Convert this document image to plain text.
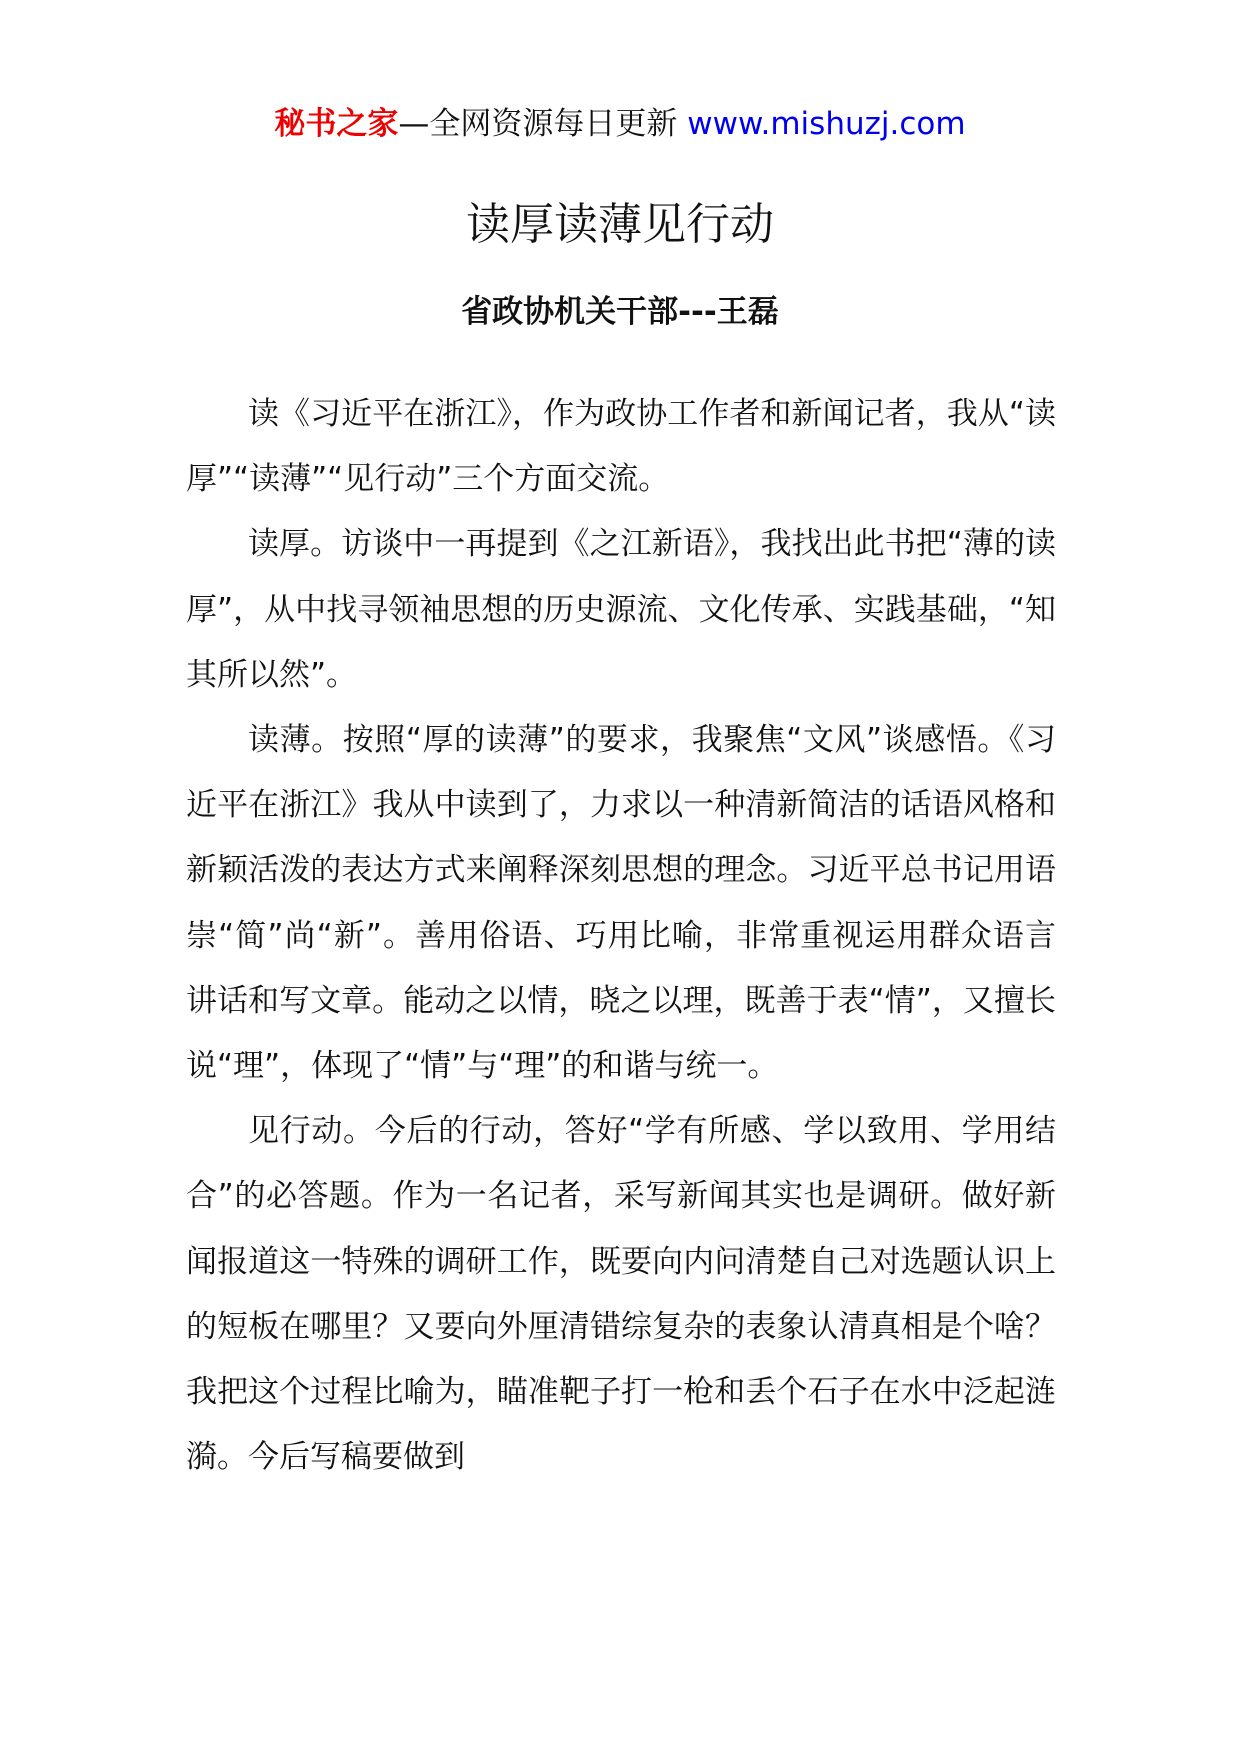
秘书之家—全网资源每日更新 www.mishuzj.com
读厚读薄见行动
省政协机关干部---王磊

读《习近平在浙江》，作为政协工作者和新闻记者，我从“读厚”“读薄”“见行动”三个方面交流。

读厚。访谈中一再提到《之江新语》，我找出此书把“薄的读厚”，从中找寻领袖思想的历史源流、文化传承、实践基础，“知其所以然”。

读薄。按照“厚的读薄”的要求，我聚焦“文风”谈感悟。《习近平在浙江》我从中读到了，力求以一种清新简洁的话语风格和新颖活泼的表达方式来阐释深刻思想的理念。习近平总书记用语崇“简”尚“新”。善用俗语、巧用比喻，非常重视运用群众语言讲话和写文章。能动之以情，晓之以理，既善于表“情”，又擅长说“理”，体现了“情”与“理”的和谐与统一。

见行动。今后的行动，答好“学有所感、学以致用、学用结合”的必答题。作为一名记者，采写新闻其实也是调研。做好新闻报道这一特殊的调研工作，既要向内问清楚自己对选题认识上的短板在哪里？又要向外厘清错综复杂的表象认清真相是个啥？我把这个过程比喻为，瞄准靶子打一枪和丢个石子在水中泛起涟漪。今后写稿要做到
